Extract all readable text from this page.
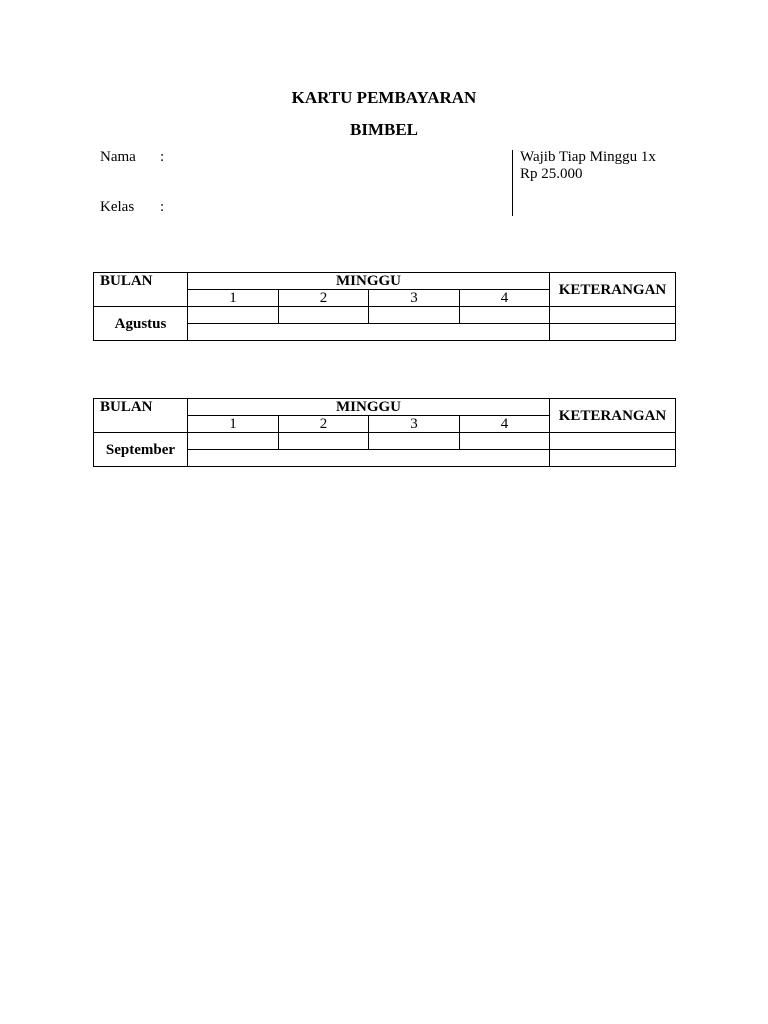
KARTU PEMBAYARAN
BIMBEL
Nama :
Kelas :
Wajib Tiap Minggu 1x
Rp 25.000
BULAN	MINGGU				KETERANGAN
	1	2	3	4	
Agustus					

BULAN	MINGGU				KETERANGAN
	1	2	3	4	
September					
